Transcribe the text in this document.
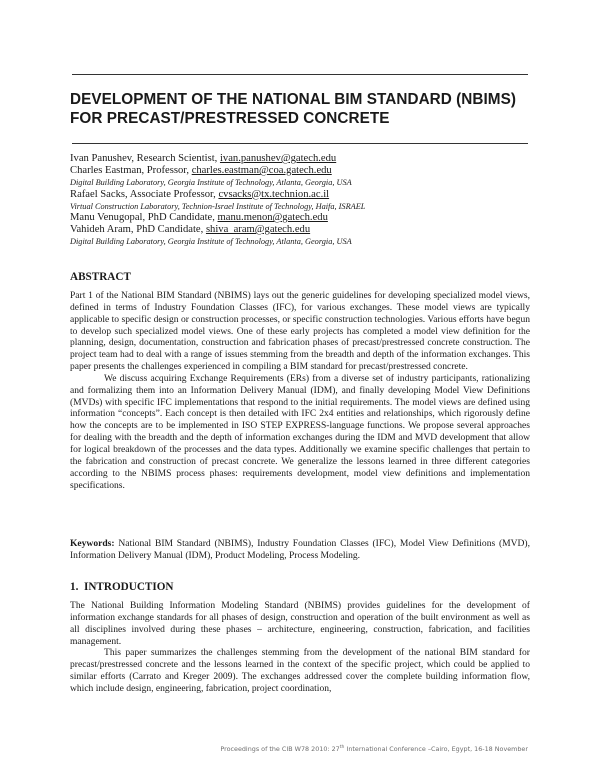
DEVELOPMENT OF THE NATIONAL BIM STANDARD (NBIMS)
FOR PRECAST/PRESTRESSED CONCRETE
Ivan Panushev, Research Scientist, ivan.panushev@gatech.edu
Charles Eastman, Professor, charles.eastman@coa.gatech.edu
Digital Building Laboratory, Georgia Institute of Technology, Atlanta, Georgia, USA
Rafael Sacks, Associate Professor, cvsacks@tx.technion.ac.il
Virtual Construction Laboratory, Technion-Israel Institute of Technology, Haifa, ISRAEL
Manu Venugopal, PhD Candidate, manu.menon@gatech.edu
Vahideh Aram, PhD Candidate, shiva_aram@gatech.edu
Digital Building Laboratory, Georgia Institute of Technology, Atlanta, Georgia, USA
ABSTRACT

Part 1 of the National BIM Standard (NBIMS) lays out the generic guidelines for developing specialized model views, defined in terms of Industry Foundation Classes (IFC), for various exchanges. These model views are typically applicable to specific design or construction processes, or specific construction technologies. Various efforts have begun to develop such specialized model views. One of these early projects has completed a model view definition for the planning, design, documentation, construction and fabrication phases of precast/prestressed concrete construction. The project team had to deal with a range of issues stemming from the breadth and depth of the information exchanges. This paper presents the challenges experienced in compiling a BIM standard for precast/prestressed concrete.

We discuss acquiring Exchange Requirements (ERs) from a diverse set of industry participants, rationalizing and formalizing them into an Information Delivery Manual (IDM), and finally developing Model View Definitions (MVDs) with specific IFC implementations that respond to the initial requirements. The model views are defined using information “concepts”. Each concept is then detailed with IFC 2x4 entities and relationships, which rigorously define how the concepts are to be implemented in ISO STEP EXPRESS-language functions. We propose several approaches for dealing with the breadth and the depth of information exchanges during the IDM and MVD development that allow for logical breakdown of the processes and the data types. Additionally we examine specific challenges that pertain to the fabrication and construction of precast concrete. We generalize the lessons learned in three different categories according to the NBIMS process phases: requirements development, model view definitions and implementation specifications.

Keywords: National BIM Standard (NBIMS), Industry Foundation Classes (IFC), Model View Definitions (MVD), Information Delivery Manual (IDM), Product Modeling, Process Modeling.
1.  INTRODUCTION

The National Building Information Modeling Standard (NBIMS) provides guidelines for the development of information exchange standards for all phases of design, construction and operation of the built environment as well as all disciplines involved during these phases – architecture, engineering, construction, fabrication, and facilities management.

This paper summarizes the challenges stemming from the development of the national BIM standard for precast/prestressed concrete and the lessons learned in the context of the specific project, which could be applied to similar efforts (Carrato and Kreger 2009). The exchanges addressed cover the complete building information flow, which include design, engineering, fabrication, project coordination,

Proceedings of the CIB W78 2010: 27th International Conference –Cairo, Egypt, 16-18 November
